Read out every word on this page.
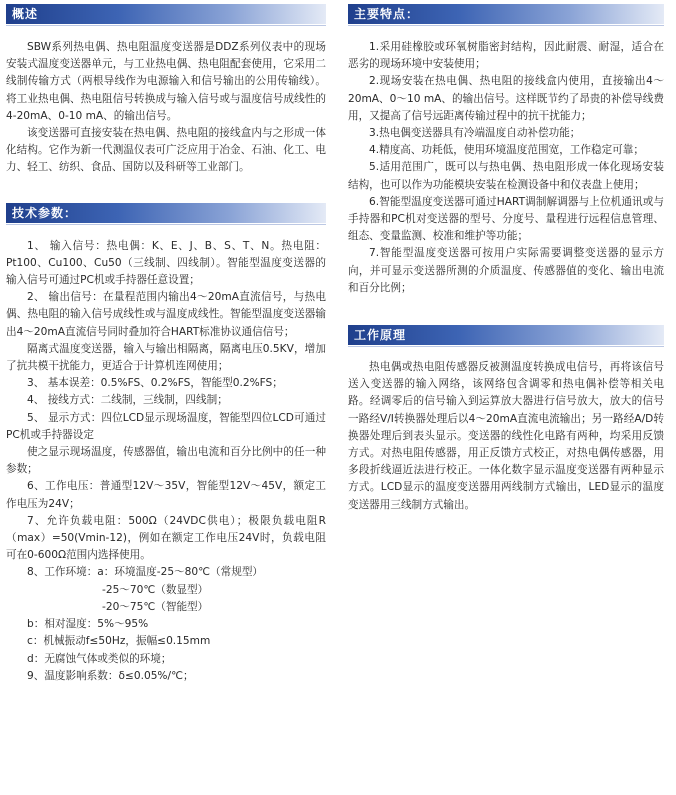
概述

SBW系列热电偶、热电阻温度变送器是DDZ系列仪表中的现场安装式温度变送器单元，与工业热电偶、热电阻配套使用，它采用二线制传输方式（两根导线作为电源输入和信号输出的公用传输线）。将工业热电偶、热电阻信号转换成与输入信号或与温度信号成线性的4-20mA、0-10 mA、的输出信号。

该变送器可直接安装在热电偶、热电阻的接线盒内与之形成一体化结构。它作为新一代测温仪表可广泛应用于冶金、石油、化工、电力、轻工、纺织、食品、国防以及科研等工业部门。

技术参数：

1、 输入信号：热电偶：K、E、J、B、S、T、N。热电阻： Pt100、Cu100、Cu50（三线制、四线制）。智能型温度变送器的输入信号可通过PC机或手持器任意设置；

2、 输出信号：在量程范围内输出4～20mA直流信号，与热电偶、热电阻的输入信号成线性或与温度成线性。智能型温度变送器输出4～20mA直流信号同时叠加符合HART标准协议通信信号；

隔离式温度变送器，输入与输出相隔离，隔离电压0.5KV，增加了抗共模干扰能力，更适合于计算机连网使用；

3、 基本误差：0.5%FS、0.2%FS，智能型0.2%FS；

4、 接线方式：二线制，三线制，四线制；

5、 显示方式：四位LCD显示现场温度，智能型四位LCD可通过PC机或手持器设定

使之显示现场温度，传感器值，输出电流和百分比例中的任一种参数；

6、工作电压：普通型12V～35V，智能型12V～45V，额定工作电压为24V；

7、允许负载电阻：500Ω（24VDC供电）；极限负载电阻R（max）=50(Vmin-12)，例如在额定工作电压24V时，负载电阻可在0-600Ω范围内选择使用。

8、工作环境：a：环境温度-25～80℃（常规型）

-25～70℃（数显型）

-20～75℃（智能型）

b：相对湿度：5%～95%

c：机械振动f≤50Hz，振幅≤0.15mm

d：无腐蚀气体或类似的环境；

9、温度影响系数：δ≤0.05%/℃；

主要特点：

1.采用硅橡胶或环氧树脂密封结构，因此耐震、耐湿，适合在恶劣的现场环境中安装使用；

2.现场安装在热电偶、热电阻的接线盒内使用，直接输出4～20mA、0～10 mA、的输出信号。这样既节约了昂贵的补偿导线费用，又提高了信号远距离传输过程中的抗干扰能力；

3.热电偶变送器具有冷端温度自动补偿功能；

4.精度高、功耗低，使用环境温度范围宽，工作稳定可靠；

5.适用范围广，既可以与热电偶、热电阻形成一体化现场安装结构，也可以作为功能模块安装在检测设备中和仪表盘上使用；

6.智能型温度变送器可通过HART调制解调器与上位机通讯或与手持器和PC机对变送器的型号、分度号、量程进行远程信息管理、组态、变量监测、校准和维护等功能；

7.智能型温度变送器可按用户实际需要调整变送器的显示方向，并可显示变送器所测的介质温度、传感器值的变化、输出电流和百分比例；

工作原理

热电偶或热电阻传感器反被测温度转换成电信号，再将该信号送入变送器的输入网络，该网络包含调零和热电偶补偿等相关电路。经调零后的信号输入到运算放大器进行信号放大，放大的信号一路经V/I转换器处理后以4～20mA直流电流输出；另一路经A/D转换器处理后到表头显示。变送器的线性化电路有两种，均采用反馈方式。对热电阻传感器，用正反馈方式校正，对热电偶传感器，用多段折线逼近法进行校正。一体化数字显示温度变送器有两种显示方式。LCD显示的温度变送器用两线制方式输出，LED显示的温度变送器用三线制方式输出。
